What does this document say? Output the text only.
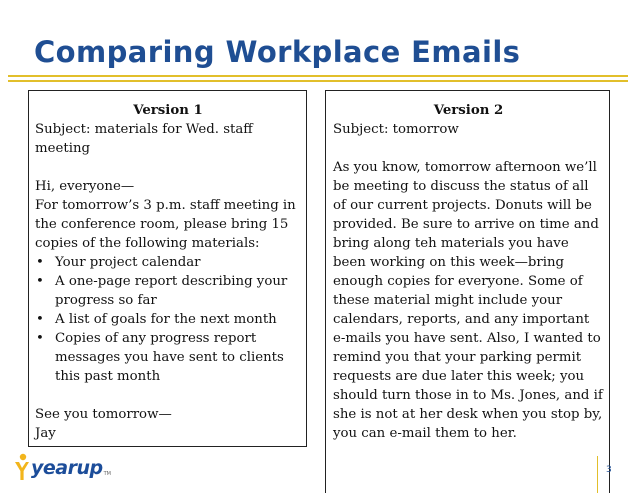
Comparing Workplace Emails

Version 1

Subject: materials for Wed. staff meeting

Hi, everyone—

For tomorrow’s 3 p.m. staff meeting in the conference room, please bring 15 copies of the following materials:

• Your project calendar
• A one-page report describing your progress so far
• A list of goals for the next month
• Copies of any progress report messages you have sent to clients this past month

See you tomorrow—

Jay

Version 2

Subject: tomorrow

As you know, tomorrow afternoon we’ll be meeting to discuss the status of all of our current projects. Donuts will be provided. Be sure to arrive on time and bring along teh materials you have been working on this week—bring enough copies for everyone. Some of these material might include your calendars, reports, and any important e-mails you have sent. Also, I wanted to remind you that your parking permit requests are due later this week; you should turn those in to Ms. Jones, and if she is not at her desk when you stop by, you can e-mail them to her.

yearup TM	3
